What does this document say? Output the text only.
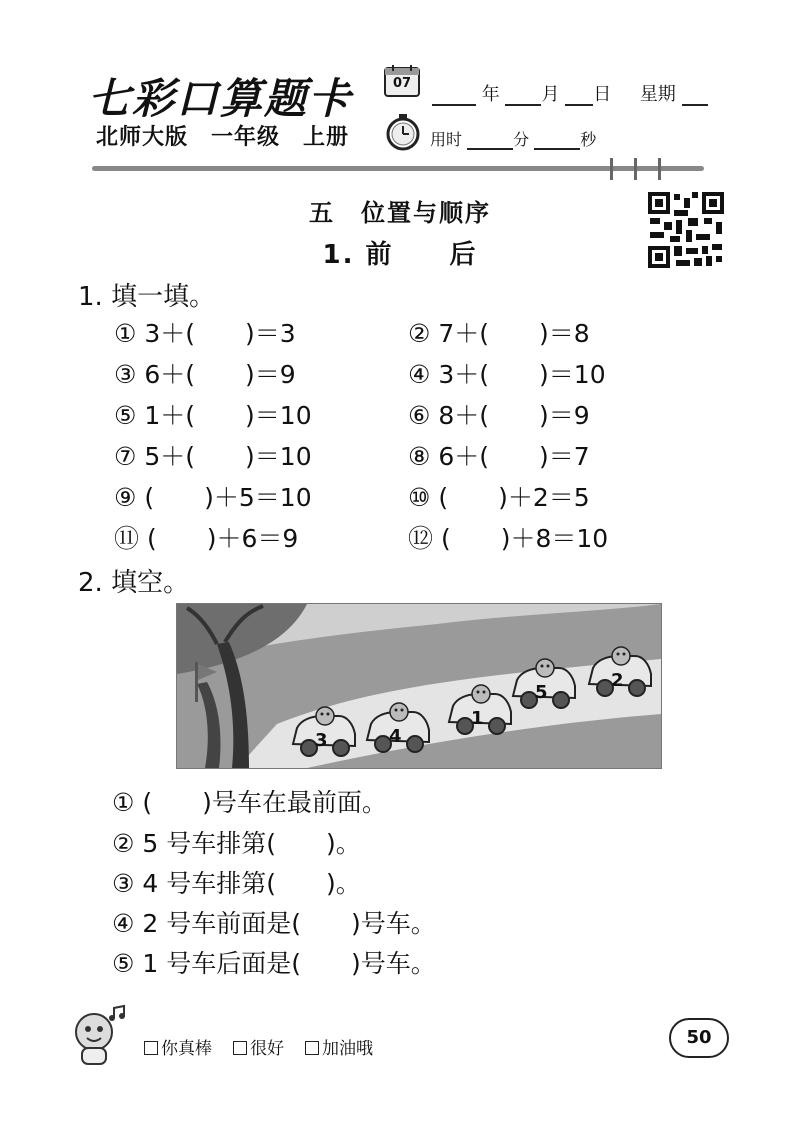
七彩口算题卡	07
年 月 日 星期
北师大版　一年级　上册	用时	分	秒
五　位置与顺序
1. 前　　后
1. 填一填。
① 3＋(　　)＝3	② 7＋(　　)＝8
③ 6＋(　　)＝9	④ 3＋(　　)＝10
⑤ 1＋(　　)＝10	⑥ 8＋(　　)＝9
⑦ 5＋(　　)＝10	⑧ 6＋(　　)＝7
⑨ (　　)＋5＝10	⑩ (　　)＋2＝5
⑪ (　　)＋6＝9	⑫ (　　)＋8＝10
2. 填空。
3	4
1
5
2
① (　　)号车在最前面。
② 5 号车排第(　　)。
③ 4 号车排第(　　)。
④ 2 号车前面是(　　)号车。
⑤ 1 号车后面是(　　)号车。
你真棒	很好	加油哦
50
